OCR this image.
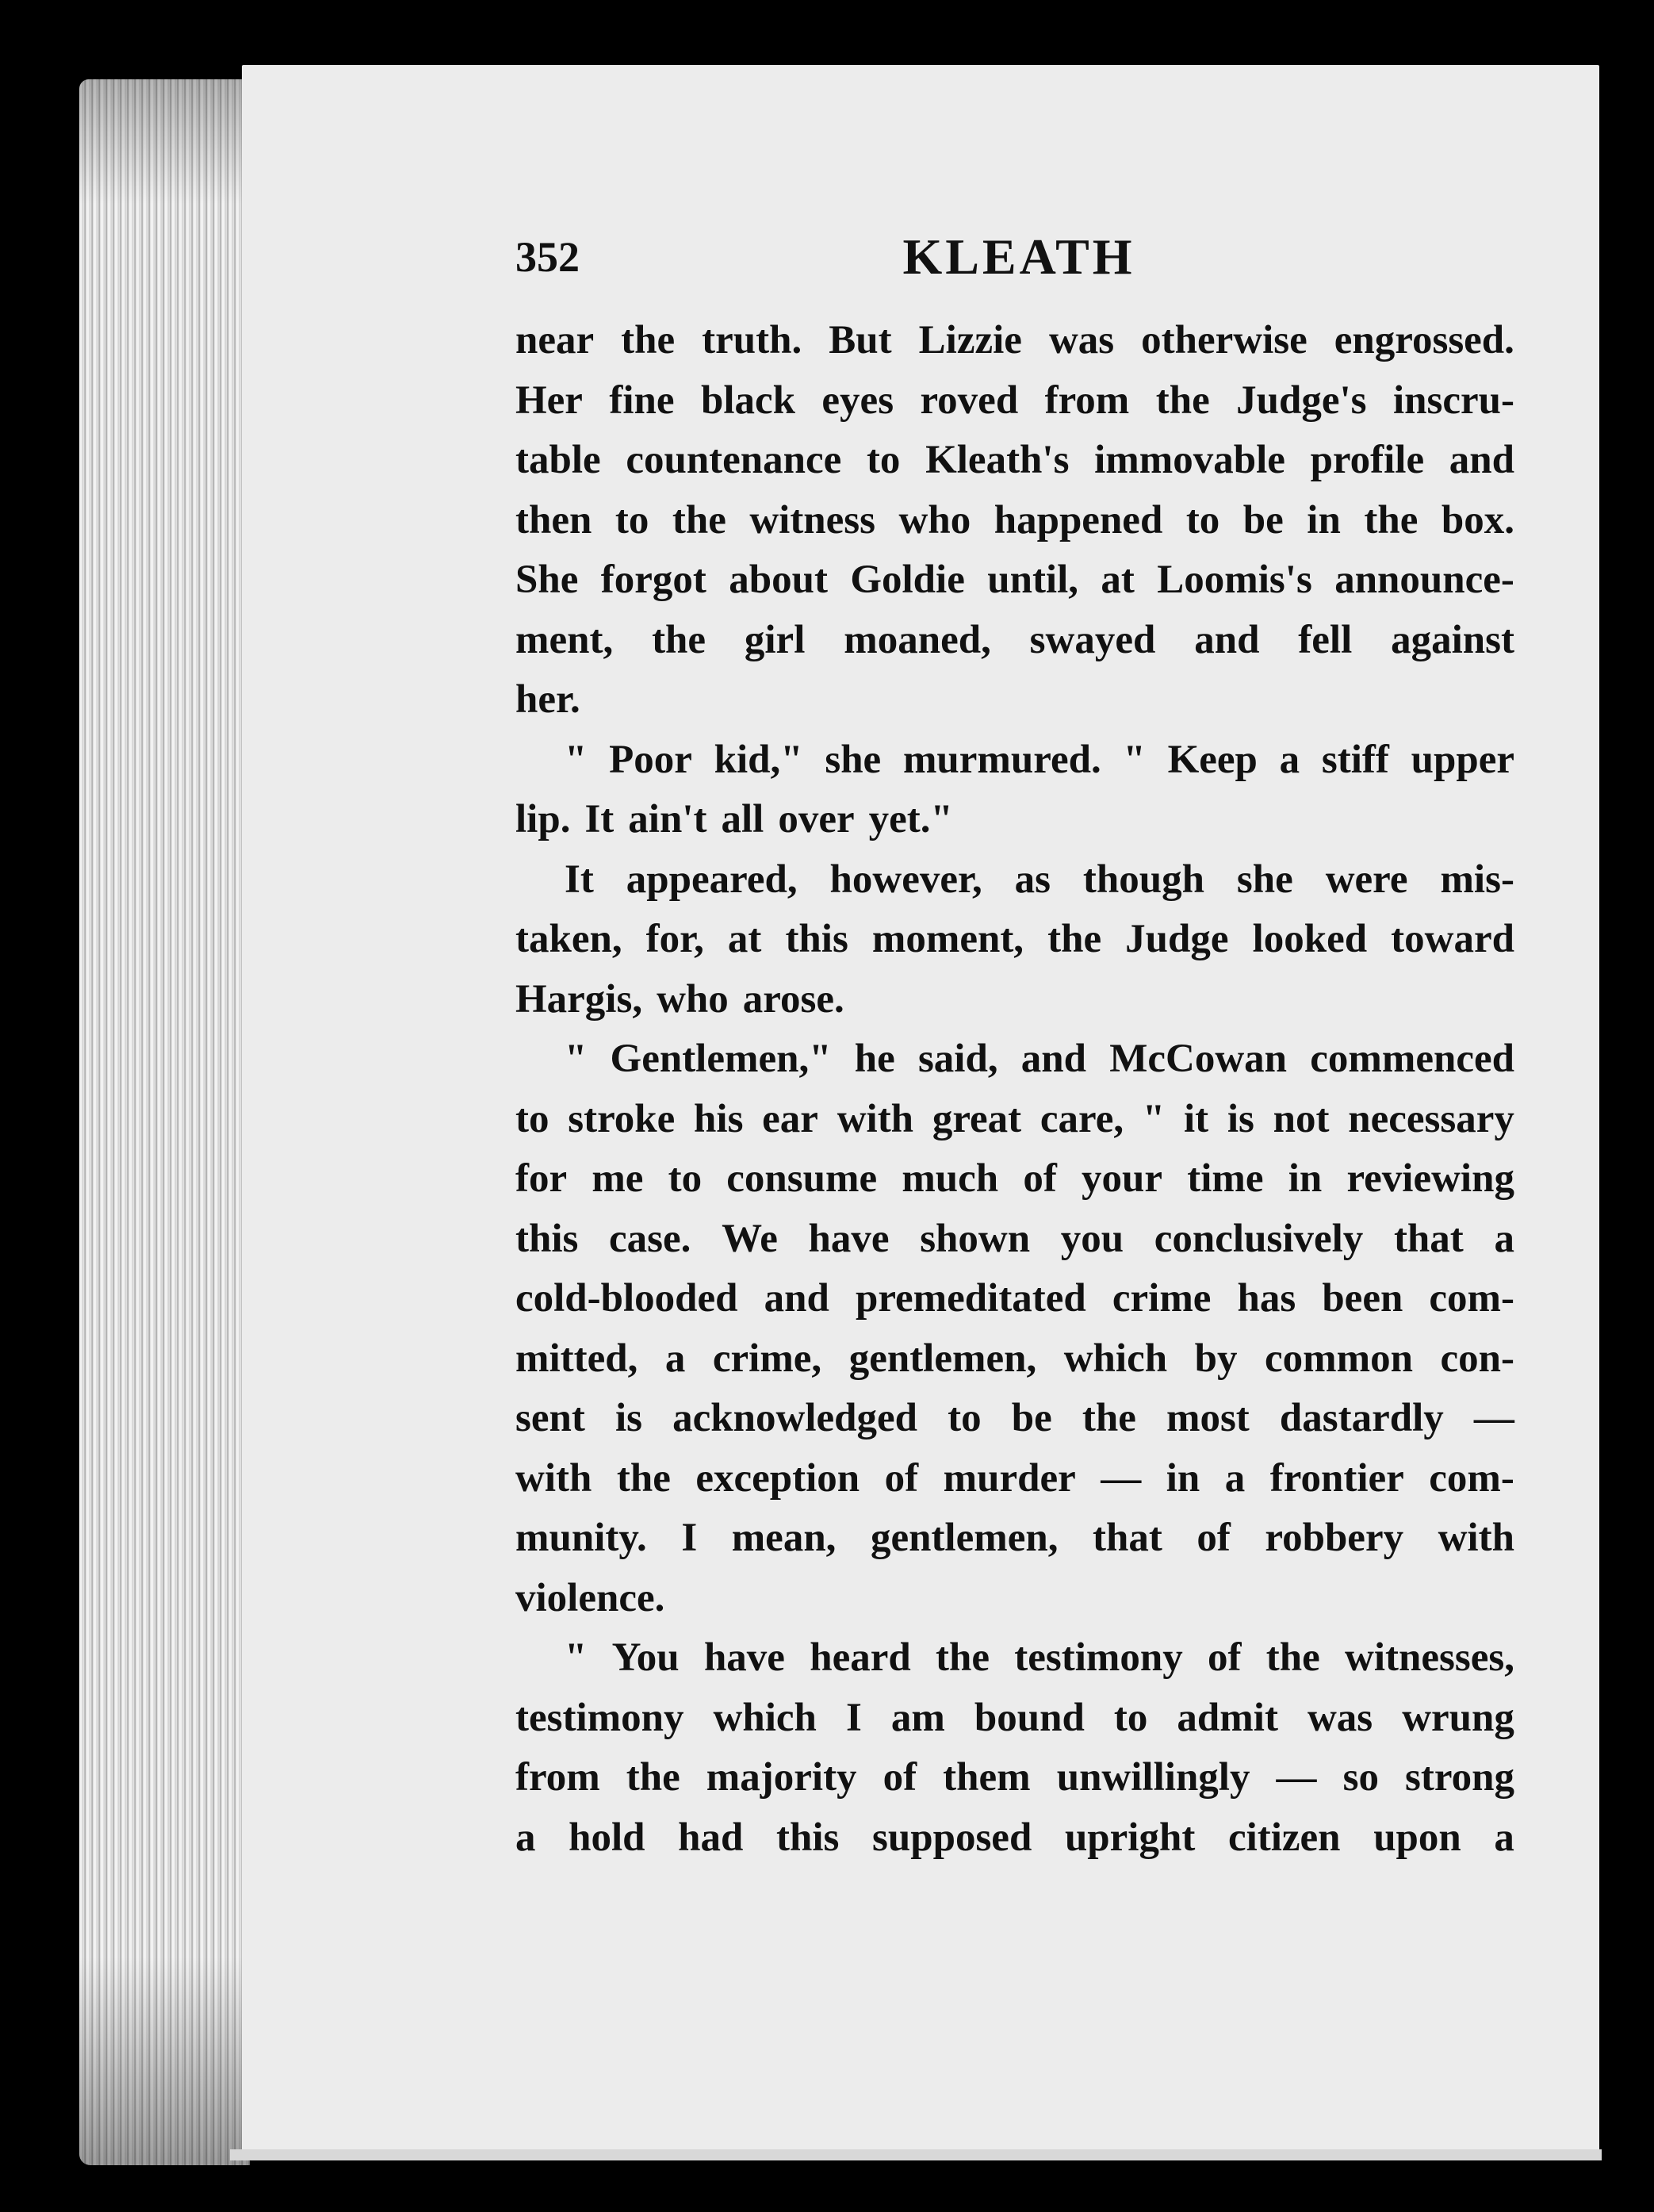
352	KLEATH
near the truth. But Lizzie was otherwise engrossed.
Her fine black eyes roved from the Judge's inscru-
table countenance to Kleath's immovable profile and
then to the witness who happened to be in the box.
She forgot about Goldie until, at Loomis's announce-
ment, the girl moaned, swayed and fell against
her.
" Poor kid," she murmured. " Keep a stiff upper
lip. It ain't all over yet."
It appeared, however, as though she were mis-
taken, for, at this moment, the Judge looked toward
Hargis, who arose.
" Gentlemen," he said, and McCowan commenced
to stroke his ear with great care, " it is not necessary
for me to consume much of your time in reviewing
this case. We have shown you conclusively that a
cold-blooded and premeditated crime has been com-
mitted, a crime, gentlemen, which by common con-
sent is acknowledged to be the most dastardly —
with the exception of murder — in a frontier com-
munity. I mean, gentlemen, that of robbery with
violence.
" You have heard the testimony of the witnesses,
testimony which I am bound to admit was wrung
from the majority of them unwillingly — so strong
a hold had this supposed upright citizen upon a
